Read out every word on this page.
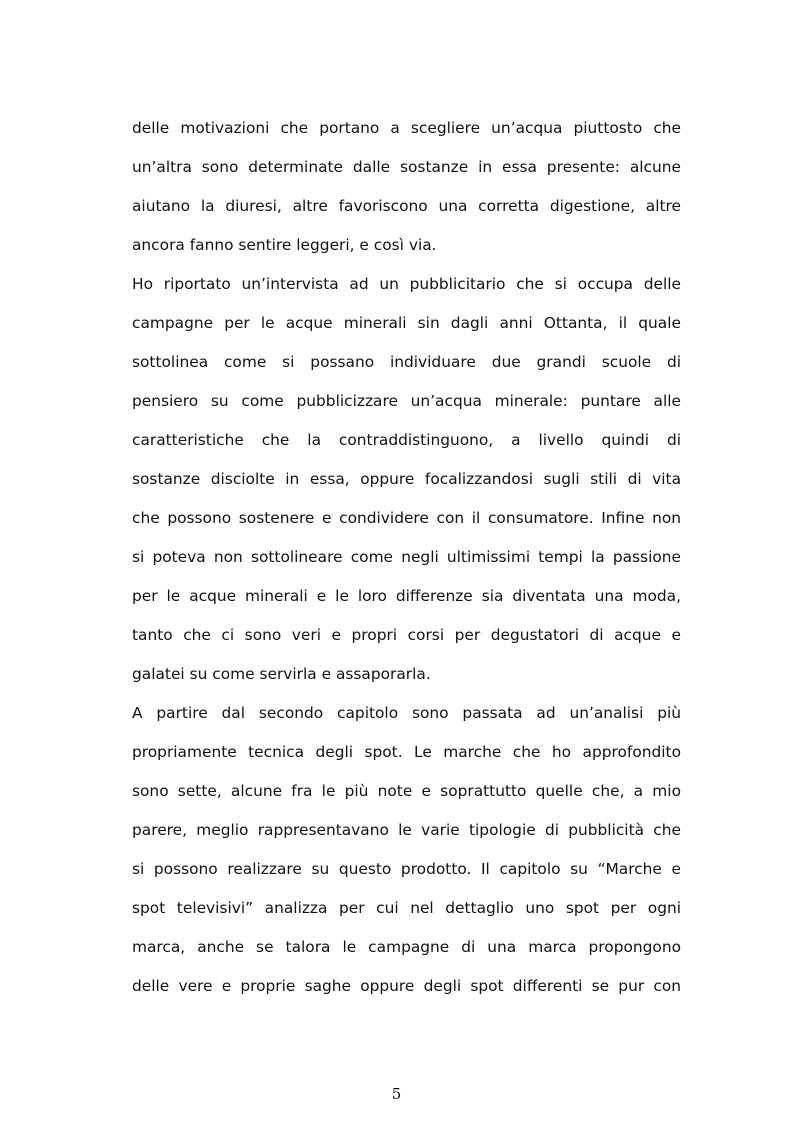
delle motivazioni che portano a scegliere un’acqua piuttosto che
un’altra sono determinate dalle sostanze in essa presente: alcune
aiutano la diuresi, altre favoriscono una corretta digestione, altre
ancora fanno sentire leggeri, e così via.
Ho riportato un’intervista ad un pubblicitario che si occupa delle
campagne per le acque minerali sin dagli anni Ottanta, il quale
sottolinea come si possano individuare due grandi scuole di
pensiero su come pubblicizzare un’acqua minerale: puntare alle
caratteristiche che la contraddistinguono, a livello quindi di
sostanze disciolte in essa, oppure focalizzandosi sugli stili di vita
che possono sostenere e condividere con il consumatore. Infine non
si poteva non sottolineare come negli ultimissimi tempi la passione
per le acque minerali e le loro differenze sia diventata una moda,
tanto che ci sono veri e propri corsi per degustatori di acque e
galatei su come servirla e assaporarla.
A partire dal secondo capitolo sono passata ad un’analisi più
propriamente tecnica degli spot. Le marche che ho approfondito
sono sette, alcune fra le più note e soprattutto quelle che, a mio
parere, meglio rappresentavano le varie tipologie di pubblicità che
si possono realizzare su questo prodotto. Il capitolo su “Marche e
spot televisivi” analizza per cui nel dettaglio uno spot per ogni
marca, anche se talora le campagne di una marca propongono
delle vere e proprie saghe oppure degli spot differenti se pur con
5
